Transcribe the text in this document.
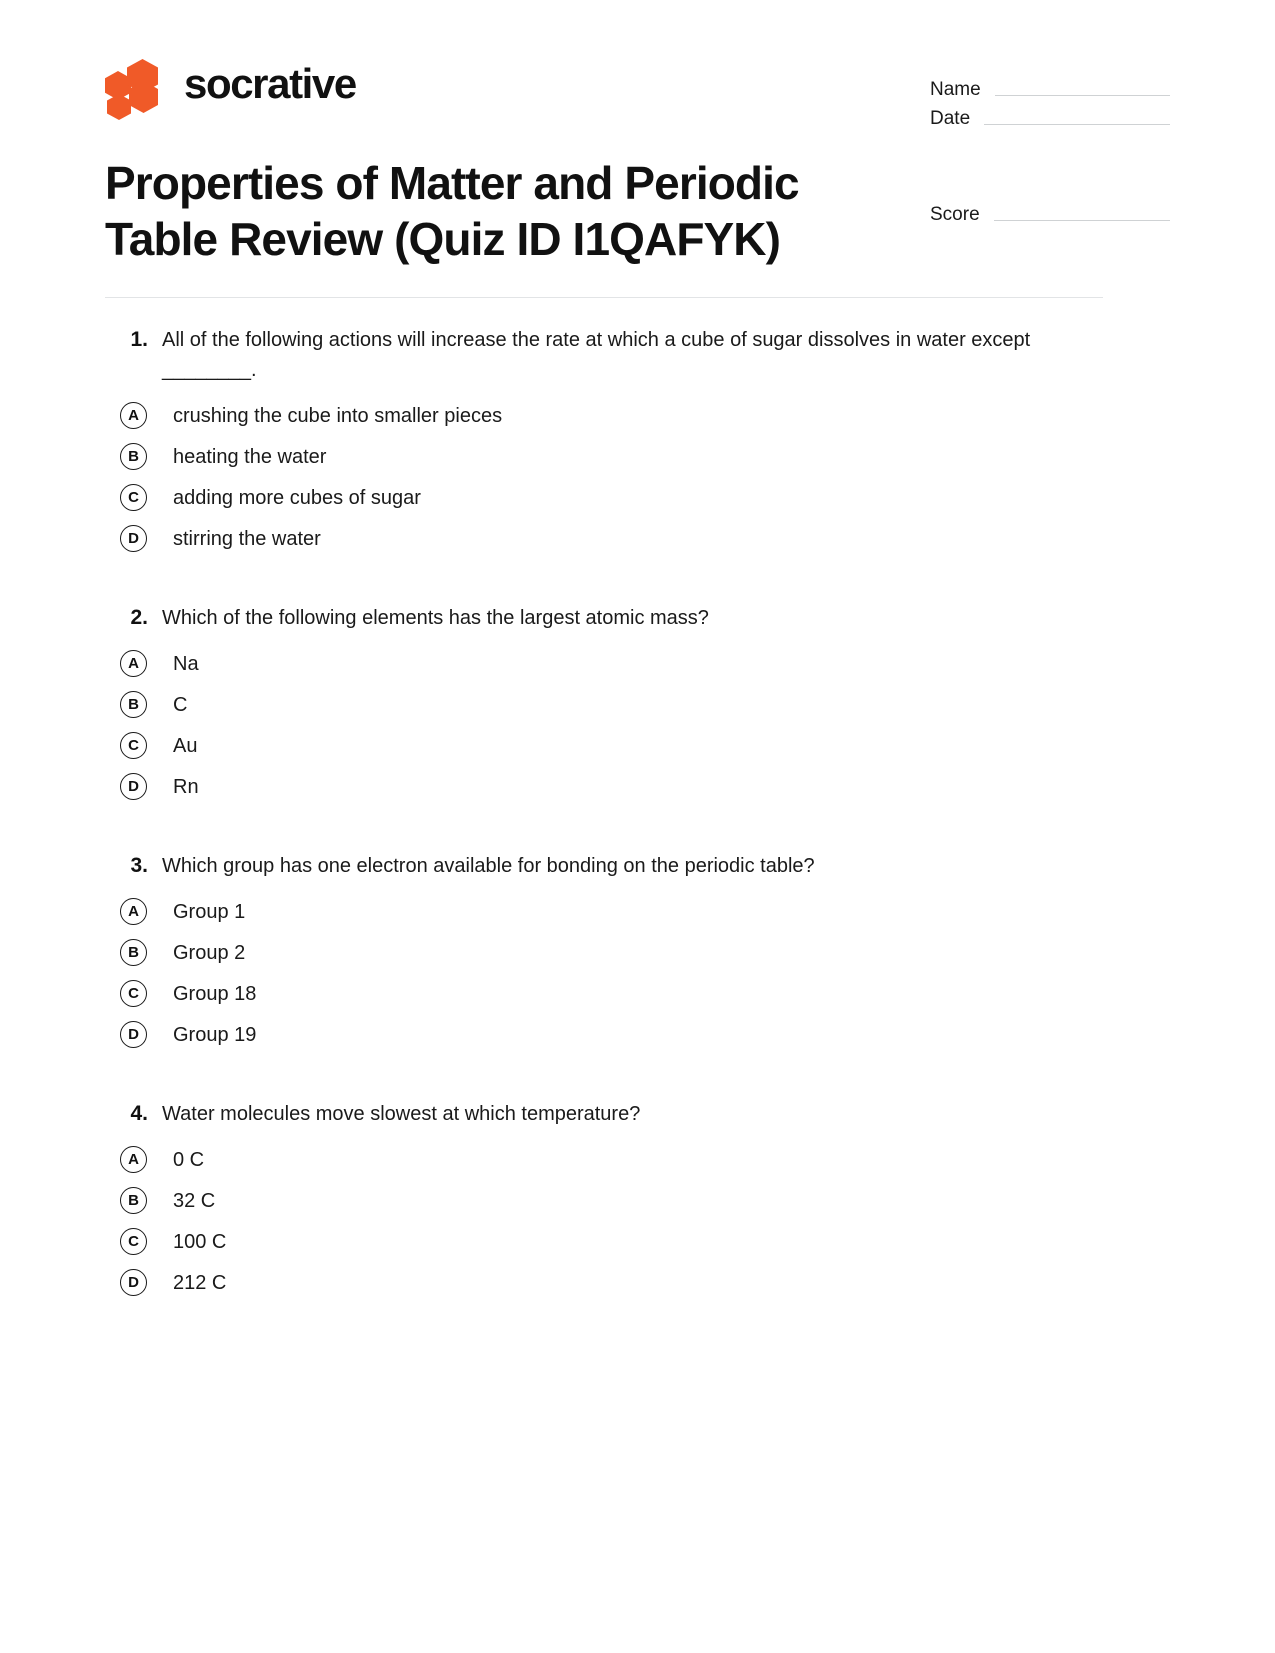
socrative	Name
Date
Score
Properties of Matter and Periodic Table Review (Quiz ID I1QAFYK)
1. All of the following actions will increase the rate at which a cube of sugar dissolves in water except ________.
A	crushing the cube into smaller pieces
B	heating the water
C	adding more cubes of sugar
D	stirring the water
2. Which of the following elements has the largest atomic mass?
A	Na
B	C
C	Au
D	Rn
3. Which group has one electron available for bonding on the periodic table?
A	Group 1
B	Group 2
C	Group 18
D	Group 19
4. Water molecules move slowest at which temperature?
A	0 C
B	32 C
C	100 C
D	212 C
